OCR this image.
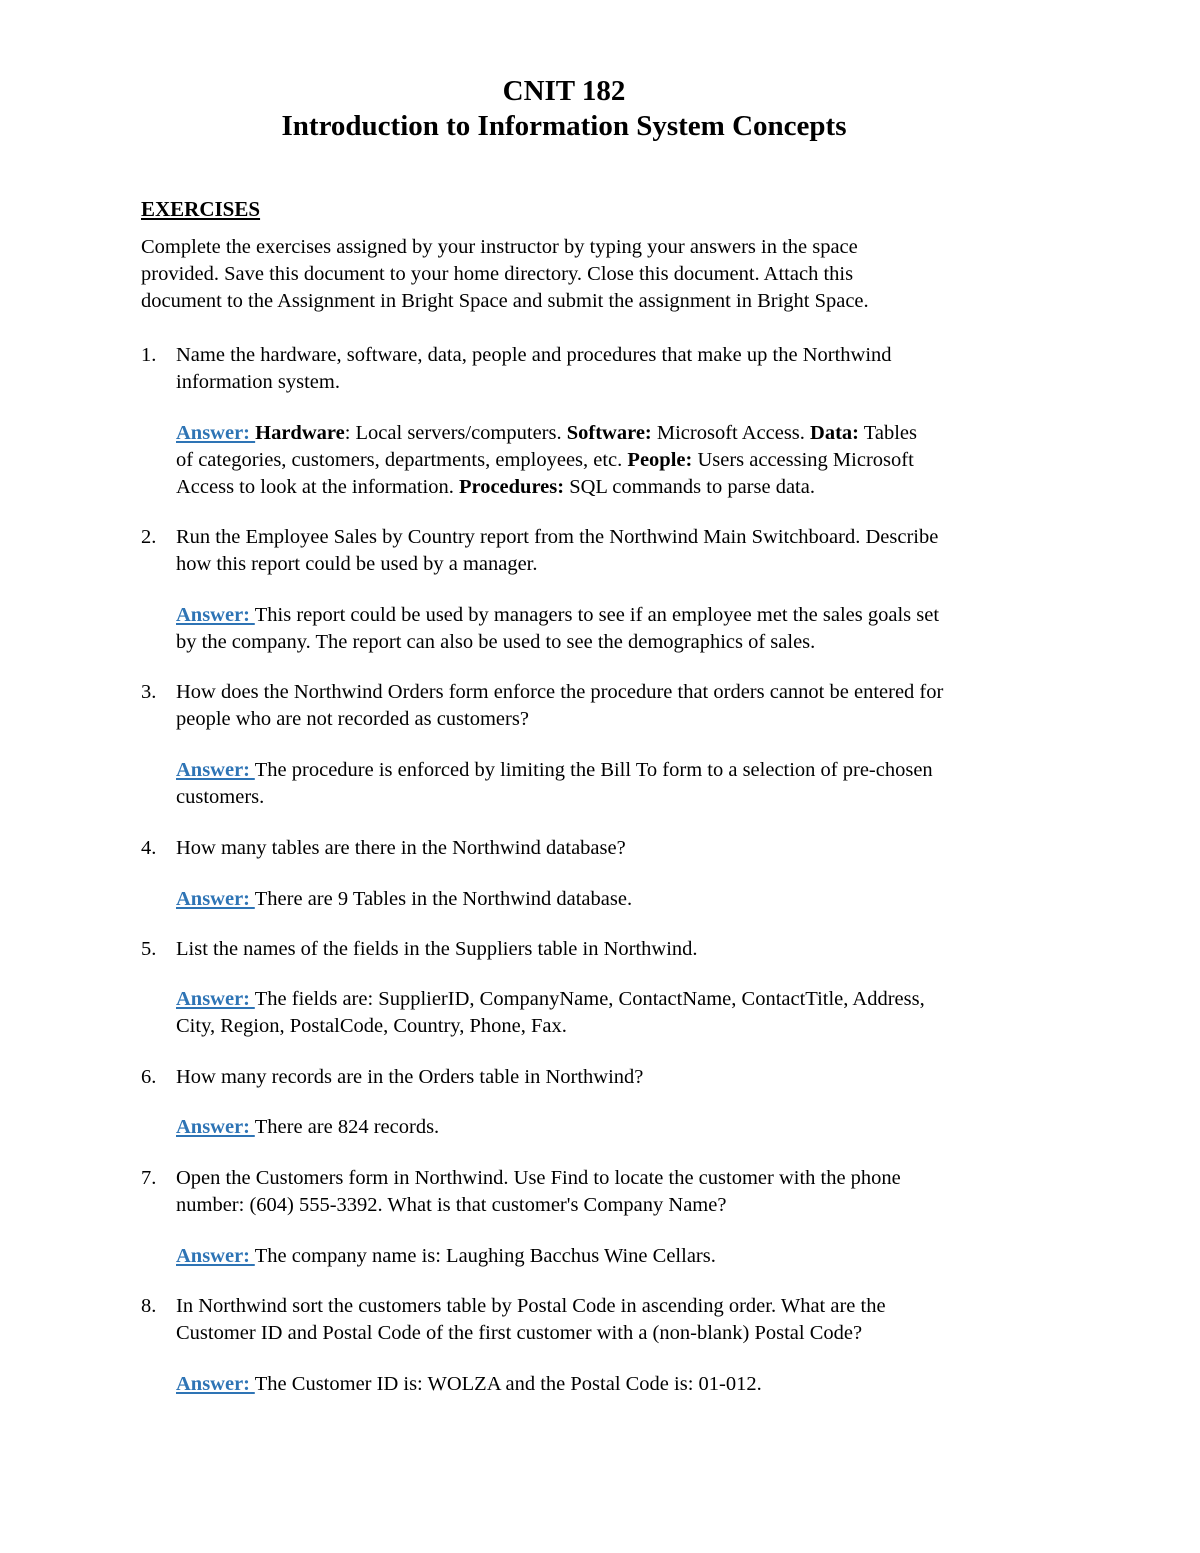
CNIT 182
Introduction to Information System Concepts
EXERCISES
Complete the exercises assigned by your instructor by typing your answers in the space
provided. Save this document to your home directory. Close this document. Attach this
document to the Assignment in Bright Space and submit the assignment in Bright Space.
1. Name the hardware, software, data, people and procedures that make up the Northwind
information system.
Answer: Hardware: Local servers/computers. Software: Microsoft Access. Data: Tables
of categories, customers, departments, employees, etc. People: Users accessing Microsoft
Access to look at the information. Procedures: SQL commands to parse data.
2. Run the Employee Sales by Country report from the Northwind Main Switchboard. Describe
how this report could be used by a manager.
Answer: This report could be used by managers to see if an employee met the sales goals set
by the company. The report can also be used to see the demographics of sales.
3. How does the Northwind Orders form enforce the procedure that orders cannot be entered for
people who are not recorded as customers?
Answer: The procedure is enforced by limiting the Bill To form to a selection of pre-chosen
customers.
4. How many tables are there in the Northwind database?
Answer: There are 9 Tables in the Northwind database.
5. List the names of the fields in the Suppliers table in Northwind.
Answer: The fields are: SupplierID, CompanyName, ContactName, ContactTitle, Address,
City, Region, PostalCode, Country, Phone, Fax.
6. How many records are in the Orders table in Northwind?
Answer: There are 824 records.
7. Open the Customers form in Northwind. Use Find to locate the customer with the phone
number: (604) 555-3392. What is that customer's Company Name?
Answer: The company name is: Laughing Bacchus Wine Cellars.
8. In Northwind sort the customers table by Postal Code in ascending order. What are the
Customer ID and Postal Code of the first customer with a (non-blank) Postal Code?
Answer: The Customer ID is: WOLZA and the Postal Code is: 01-012.
